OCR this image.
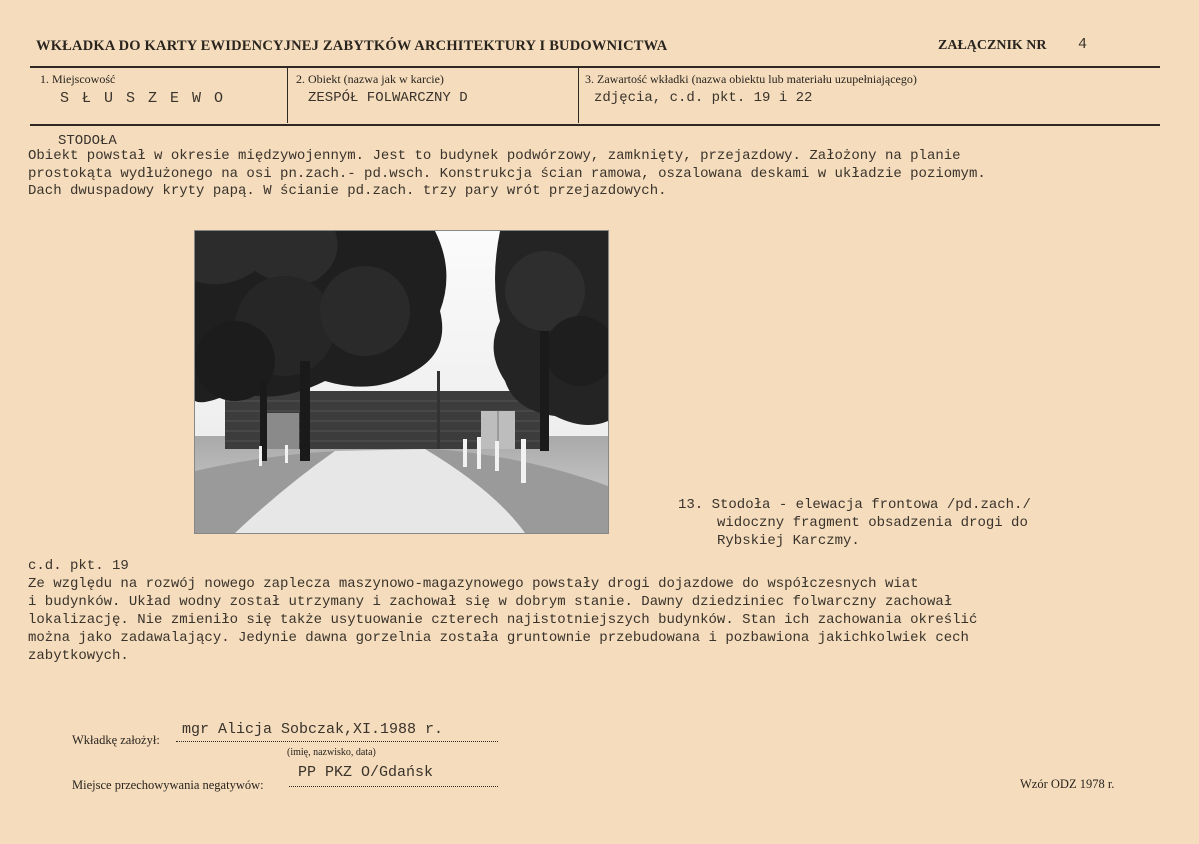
WKŁADKA DO KARTY EWIDENCYJNEJ ZABYTKÓW ARCHITEKTURY I BUDOWNICTWA	ZAŁĄCZNIK NR 4
1. Miejscowość
S Ł U S Z E W O
2. Obiekt (nazwa jak w karcie)
ZESPÓŁ FOLWARCZNY D
3. Zawartość wkładki (nazwa obiektu lub materiału uzupełniającego)
zdjęcia, c.d. pkt. 19 i 22
STODOŁA
Obiekt powstał w okresie międzywojennym. Jest to budynek podwórzowy, zamknięty, przejazdowy. Założony na planie
prostokąta wydłużonego na osi pn.zach.- pd.wsch. Konstrukcja ścian ramowa, oszalowana deskami w układzie poziomym.
Dach dwuspadowy kryty papą. W ścianie pd.zach. trzy pary wrót przejazdowych.
13. Stodoła - elewacja frontowa /pd.zach./
widoczny fragment obsadzenia drogi do
Rybskiej Karczmy.
c.d. pkt. 19
Ze względu na rozwój nowego zaplecza maszynowo-magazynowego powstały drogi dojazdowe do współczesnych wiat
i budynków. Układ wodny został utrzymany i zachował się w dobrym stanie. Dawny dziedziniec folwarczny zachował
lokalizację. Nie zmieniło się także usytuowanie czterech najistotniejszych budynków. Stan ich zachowania określić
można jako zadawalający. Jedynie dawna gorzelnia została gruntownie przebudowana i pozbawiona jakichkolwiek cech
zabytkowych.
Wkładkę założył:
mgr Alicja Sobczak,XI.1988 r.
(imię, nazwisko, data)
Miejsce przechowywania negatywów:
PP PKZ O/Gdańsk
Wzór ODZ 1978 r.
